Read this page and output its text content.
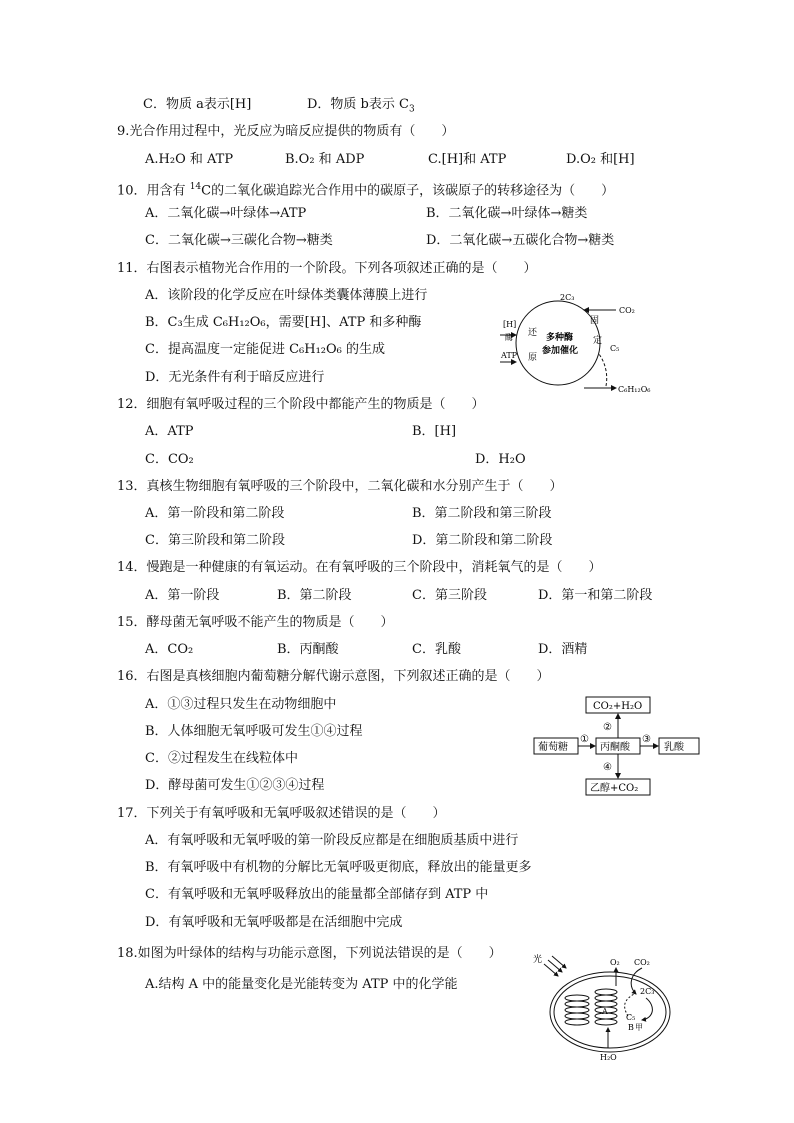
C．物质 a表示[H]	D．物质 b表示 $C_3$
9.光合作用过程中，光反应为暗反应提供的物质有（　　）
A.H₂O 和 ATP	B.O₂ 和 ADP	C.[H]和 ATP	D.O₂ 和[H]
10．用含有 $^{14}$C的二氧化碳追踪光合作用中的碳原子，该碳原子的转移途径为（　　）
A．二氧化碳→叶绿体→ATP	B．二氧化碳→叶绿体→糖类
C．二氧化碳→三碳化合物→糖类	D．二氧化碳→五碳化合物→糖类
11．右图表示植物光合作用的一个阶段。下列各项叙述正确的是（　　）
A．该阶段的化学反应在叶绿体类囊体薄膜上进行
B．C₃生成 C₆H₁₂O₆，需要[H]、ATP 和多种酶
C．提高温度一定能促进 C₆H₁₂O₆ 的生成
D．无光条件有利于暗反应进行
2C₃
CO₂
[H]
酶
ATP
还
原
固
定
多种酶
参加催化	C₅
C₆H₁₂O₆
12．细胞有氧呼吸过程的三个阶段中都能产生的物质是（　　）
A．ATP	B．[H]
C．CO₂	D．H₂O
13．真核生物细胞有氧呼吸的三个阶段中，二氧化碳和水分别产生于（　　）
A．第一阶段和第二阶段	B．第二阶段和第三阶段
C．第三阶段和第二阶段	D．第二阶段和第二阶段
14．慢跑是一种健康的有氧运动。在有氧呼吸的三个阶段中，消耗氧气的是（　　）
A．第一阶段	B．第二阶段	C．第三阶段	D．第一和第二阶段
15．酵母菌无氧呼吸不能产生的物质是（　　）
A．CO₂	B．丙酮酸	C．乳酸	D．酒精
16．右图是真核细胞内葡萄糖分解代谢示意图，下列叙述正确的是（　　）
A．①③过程只发生在动物细胞中
B．人体细胞无氧呼吸可发生①④过程
C．②过程发生在线粒体中
D．酵母菌可发生①②③④过程
CO₂+H₂O
葡萄糖	丙酮酸	乳酸
乙醇+CO₂
①
②
③
④
17．下列关于有氧呼吸和无氧呼吸叙述错误的是（　　）
A．有氧呼吸和无氧呼吸的第一阶段反应都是在细胞质基质中进行
B．有氧呼吸中有机物的分解比无氧呼吸更彻底，释放出的能量更多
C．有氧呼吸和无氧呼吸释放出的能量都全部储存到 ATP 中
D．有氧呼吸和无氧呼吸都是在活细胞中完成
18.如图为叶绿体的结构与功能示意图，下列说法错误的是（　　）
A.结构 A 中的能量变化是光能转变为 ATP 中的化学能
光	O₂ CO₂
2C₃
C₅
A
B 甲
H₂O
